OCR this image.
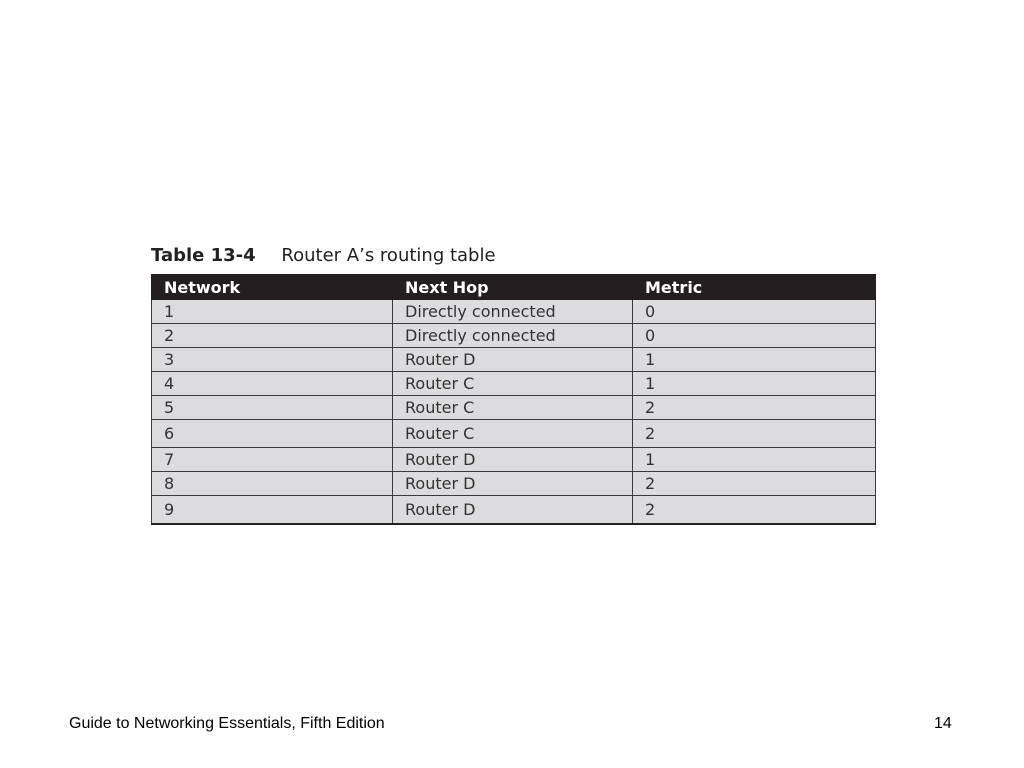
Table 13-4 Router A’s routing table
Network	Next Hop	Metric
1	Directly connected	0
2	Directly connected	0
3	Router D	1
4	Router C	1
5	Router C	2
6	Router C	2
7	Router D	1
8	Router D	2
9	Router D	2
Guide to Networking Essentials, Fifth Edition	14
